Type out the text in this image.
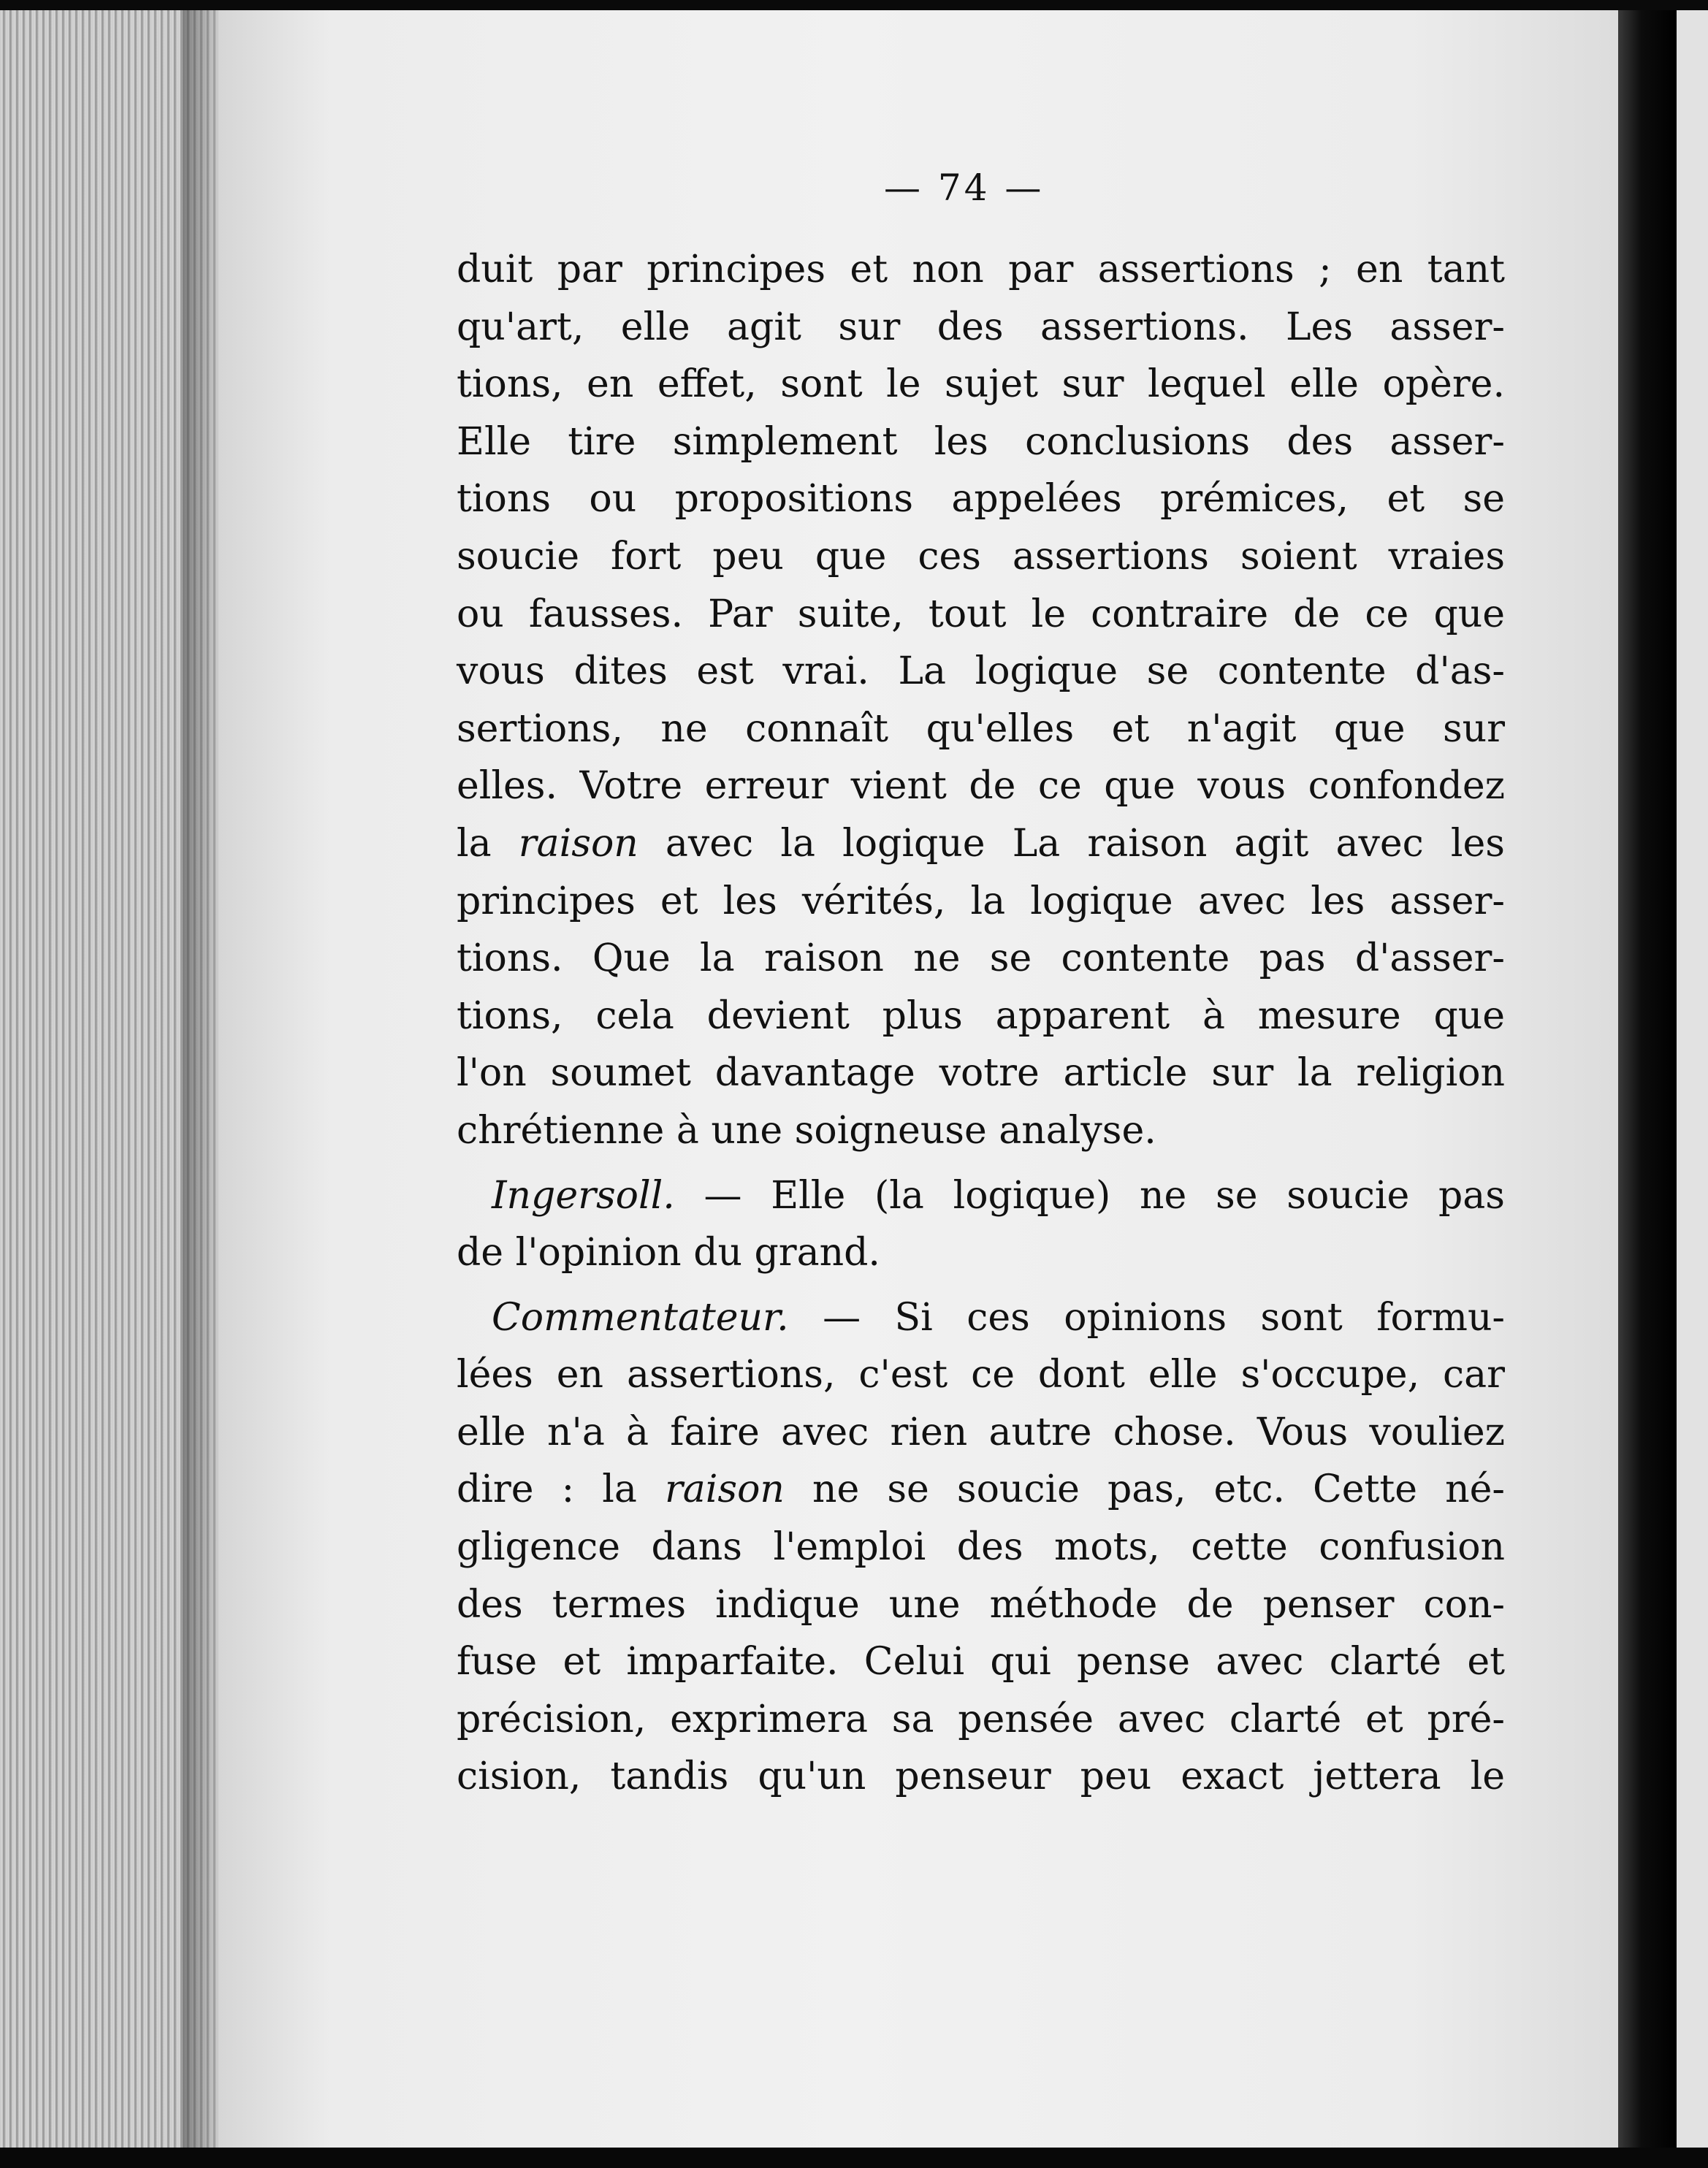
— 74 —
duit par principes et non par assertions ; en tant
qu'art, elle agit sur des assertions. Les asser-
tions, en effet, sont le sujet sur lequel elle opère.
Elle tire simplement les conclusions des asser-
tions ou propositions appelées prémices, et se
soucie fort peu que ces assertions soient vraies
ou fausses. Par suite, tout le contraire de ce que
vous dites est vrai. La logique se contente d'as-
sertions, ne connaît qu'elles et n'agit que sur
elles. Votre erreur vient de ce que vous confondez
la raison avec la logique La raison agit avec les
principes et les vérités, la logique avec les asser-
tions. Que la raison ne se contente pas d'asser-
tions, cela devient plus apparent à mesure que
l'on soumet davantage votre article sur la religion
chrétienne à une soigneuse analyse.
Ingersoll. — Elle (la logique) ne se soucie pas
de l'opinion du grand.
Commentateur. — Si ces opinions sont formu-
lées en assertions, c'est ce dont elle s'occupe, car
elle n'a à faire avec rien autre chose. Vous vouliez
dire : la raison ne se soucie pas, etc. Cette né-
gligence dans l'emploi des mots, cette confusion
des termes indique une méthode de penser con-
fuse et imparfaite. Celui qui pense avec clarté et
précision, exprimera sa pensée avec clarté et pré-
cision, tandis qu'un penseur peu exact jettera le
